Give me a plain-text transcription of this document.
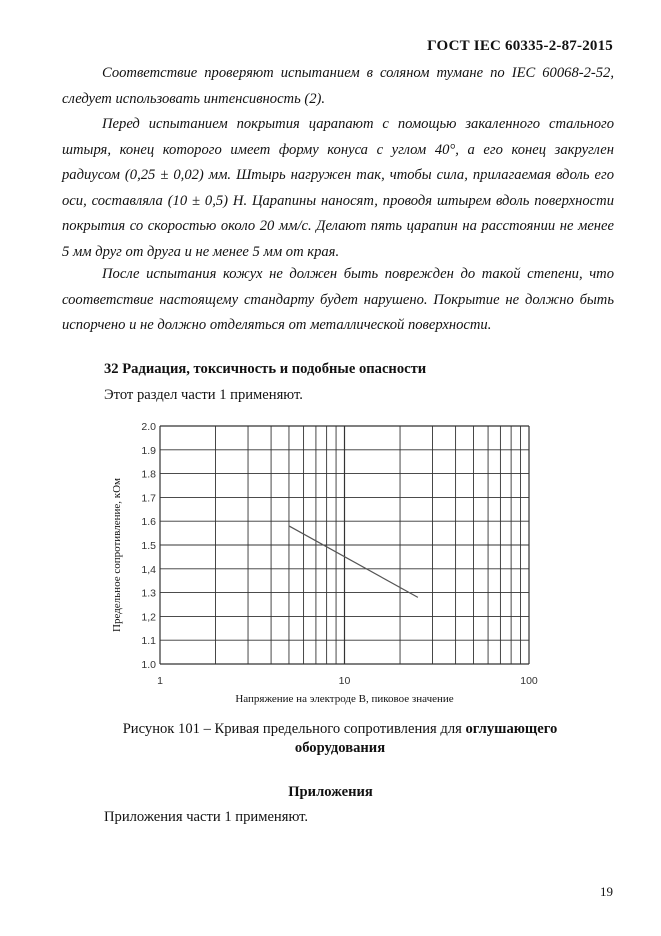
ГОСТ IEC 60335-2-87-2015
Соответствие проверяют испытанием в соляном тумане по IEC 60068-2-52, следует использовать интенсивность (2).
Перед испытанием покрытия царапают с помощью закаленного стального штыря, конец которого имеет форму конуса с углом 40°, а его конец закруглен радиусом (0,25 ± 0,02) мм. Штырь нагружен так, чтобы сила, прилагаемая вдоль его оси, составляла (10 ± 0,5) Н. Царапины наносят, проводя штырем вдоль поверхности покрытия со скоростью около 20 мм/с. Делают пять царапин на расстоянии не менее 5 мм друг от друга и не менее 5 мм от края.
После испытания кожух не должен быть поврежден до такой степени, что соответствие настоящему стандарту будет нарушено. Покрытие не должно быть испорчено и не должно отделяться от металлической поверхности.
32 Радиация, токсичность и подобные опасности
Этот раздел части 1 применяют.
1.0
1.1
1,2
1.3
1,4
1.5
1.6
1.7
1.8
1.9
2.0
1	10	100
Напряжение на электроде В, пиковое значение
Предельное сопротивление, кОм
Рисунок 101 – Кривая предельного сопротивления для оглушающего оборудования
Приложения
Приложения части 1 применяют.
19
